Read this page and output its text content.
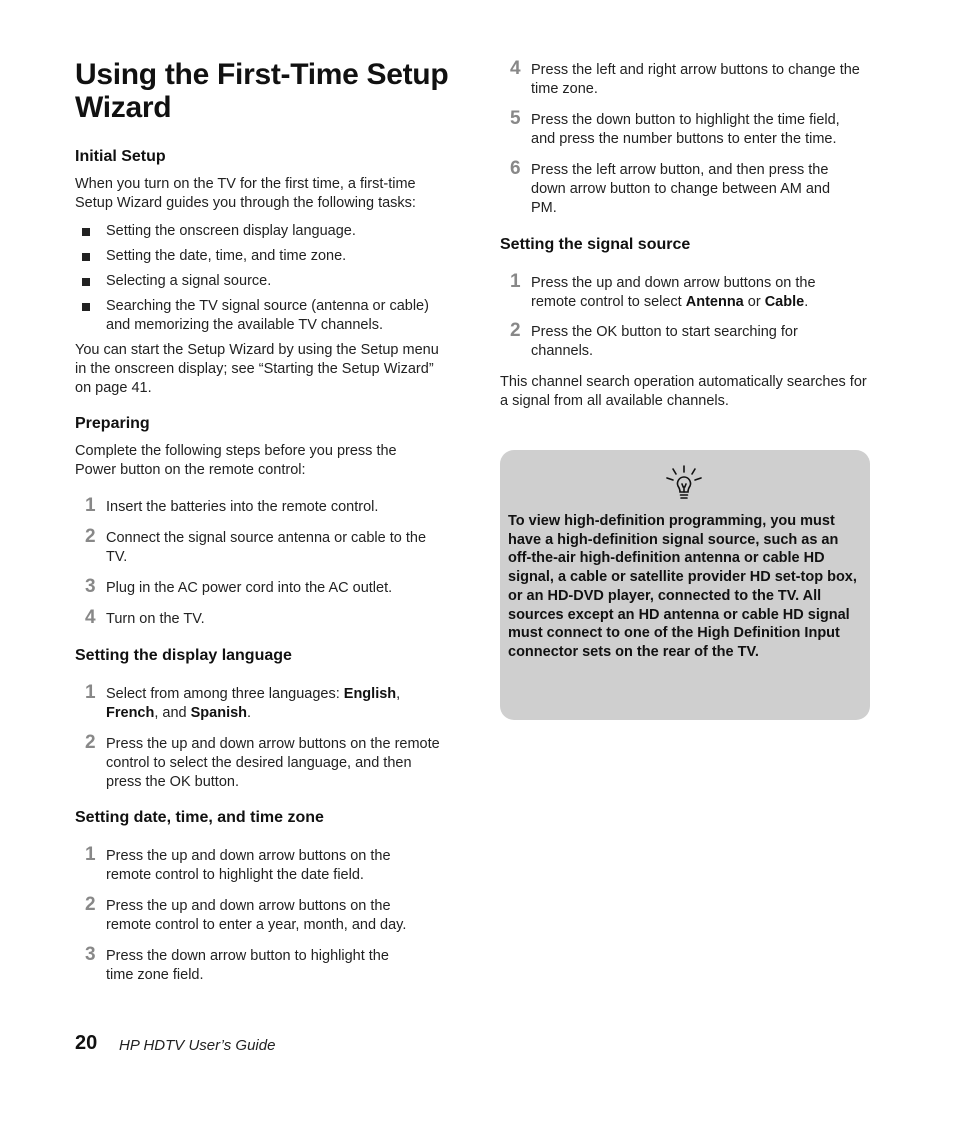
Using the First-Time Setup Wizard
Initial Setup

When you turn on the TV for the first time, a first-time Setup Wizard guides you through the following tasks:

Setting the onscreen display language.
Setting the date, time, and time zone.
Selecting a signal source.
Searching the TV signal source (antenna or cable) and memorizing the available TV channels.

You can start the Setup Wizard by using the Setup menu in the onscreen display; see “Starting the Setup Wizard” on page 41.

Preparing

Complete the following steps before you press the Power button on the remote control:

1 Insert the batteries into the remote control.
2 Connect the signal source antenna or cable to the TV.
3 Plug in the AC power cord into the AC outlet.
4 Turn on the TV.
Setting the display language
1 Select from among three languages: English, French, and Spanish.
2 Press the up and down arrow buttons on the remote control to select the desired language, and then press the OK button.
Setting date, time, and time zone
1 Press the up and down arrow buttons on the remote control to highlight the date field.
2 Press the up and down arrow buttons on the remote control to enter a year, month, and day.
3 Press the down arrow button to highlight the time zone field.
4 Press the left and right arrow buttons to change the time zone.
5 Press the down button to highlight the time field, and press the number buttons to enter the time.
6 Press the left arrow button, and then press the down arrow button to change between AM and PM.
Setting the signal source
1 Press the up and down arrow buttons on the remote control to select Antenna or Cable.
2 Press the OK button to start searching for channels.

This channel search operation automatically searches for a signal from all available channels.

To view high-definition programming, you must have a high-definition signal source, such as an off-the-air high-definition antenna or cable HD signal, a cable or satellite provider HD set-top box, or an HD-DVD player, connected to the TV. All sources except an HD antenna or cable HD signal must connect to one of the High Definition Input connector sets on the rear of the TV.
20 HP HDTV User’s Guide
